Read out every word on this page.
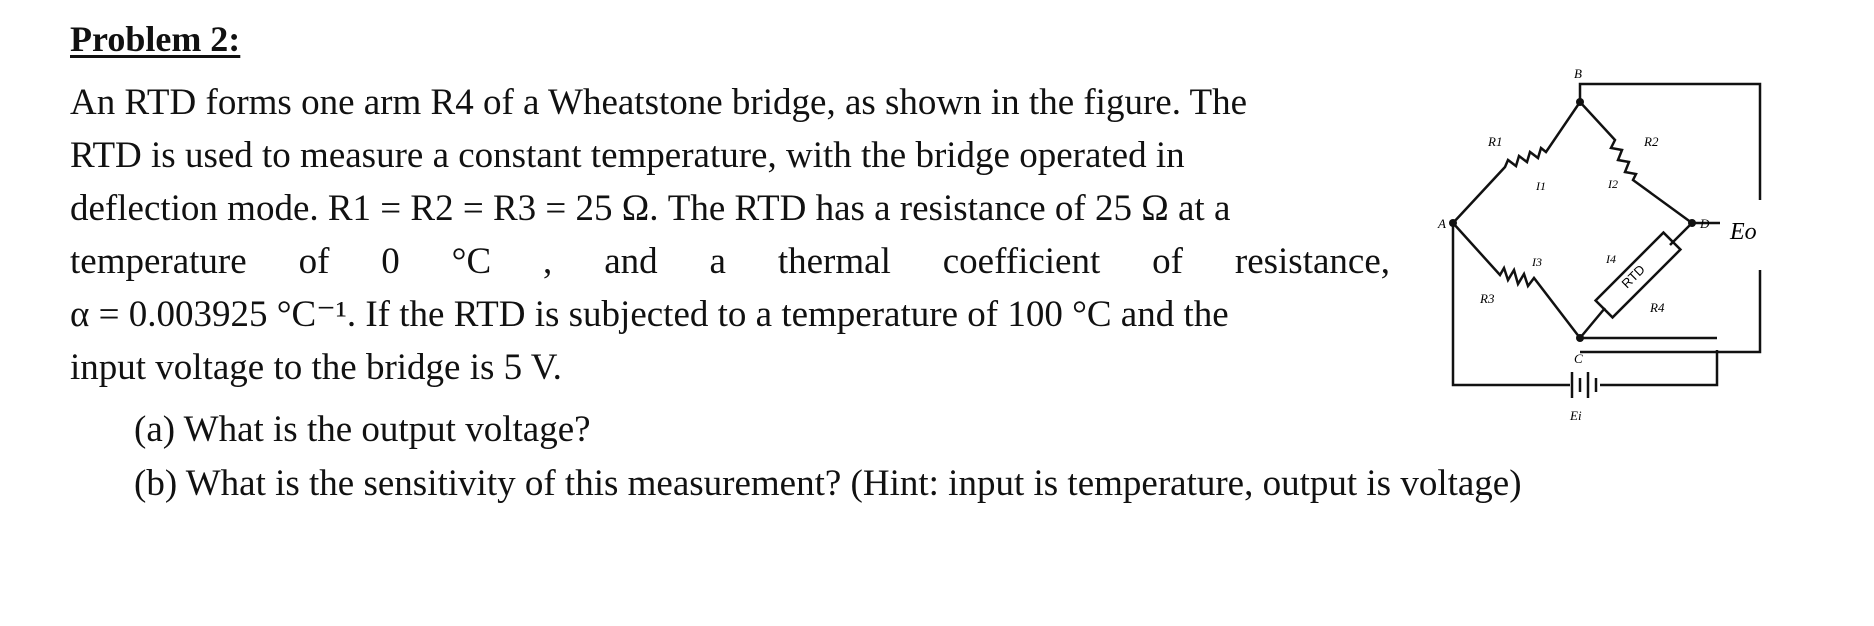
Problem 2:
An RTD forms one arm R4 of a Wheatstone bridge, as shown in the figure. The
RTD is used to measure a constant temperature, with the bridge operated in
deflection mode. R1 = R2 = R3 = 25 Ω. The RTD has a resistance of 25 Ω at a
temperature of 0 °C , and a thermal coefficient of resistance,
α = 0.003925 °C⁻¹. If the RTD is subjected to a temperature of 100 °C and the
input voltage to the bridge is 5 V.
(a) What is the output voltage?
(b) What is the sensitivity of this measurement? (Hint: input is temperature, output is voltage)
A
B
C
D
R1	R2
R3
R4
I1	I2
I3	I4
RTD
Eo
Ei
